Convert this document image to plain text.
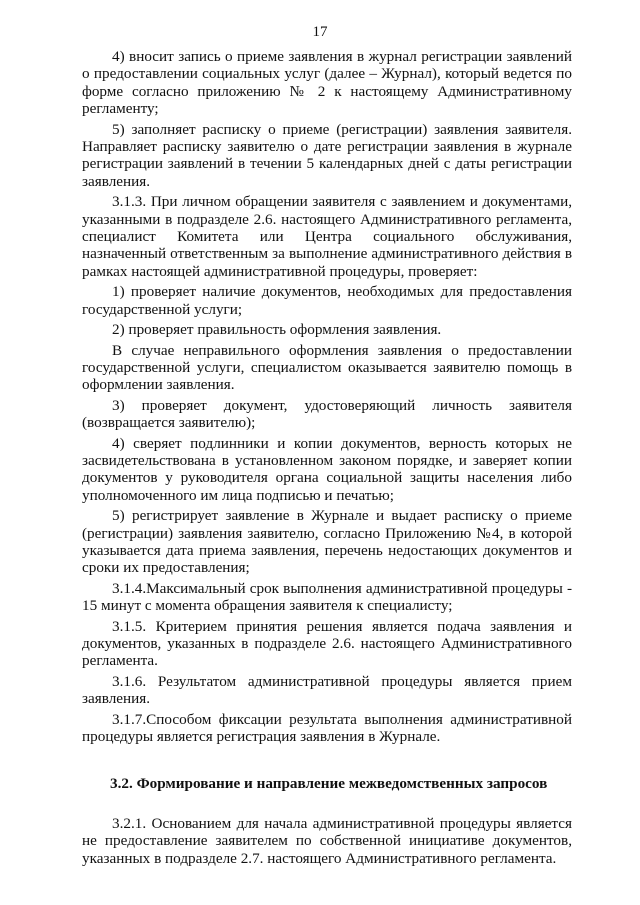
17

4) вносит запись о приеме заявления в журнал регистрации заявлений о предоставлении социальных услуг (далее – Журнал), который ведется по форме согласно приложению № 2 к настоящему Административному регламенту;

5) заполняет расписку о приеме (регистрации) заявления заявителя. Направляет расписку заявителю о дате регистрации заявления в журнале регистрации заявлений в течении 5 календарных дней с даты регистрации заявления.

3.1.3. При личном обращении заявителя с заявлением и документами, указанными в подразделе 2.6. настоящего Административного регламента, специалист Комитета или Центра социального обслуживания, назначенный ответственным за выполнение административного действия в рамках настоящей административной процедуры, проверяет:

1) проверяет наличие документов, необходимых для предоставления государственной услуги;

2) проверяет правильность оформления заявления.

В случае неправильного оформления заявления о предоставлении государственной услуги, специалистом оказывается заявителю помощь в оформлении заявления.

3) проверяет документ, удостоверяющий личность заявителя (возвращается заявителю);

4) сверяет подлинники и копии документов, верность которых не засвидетельствована в установленном законом порядке, и заверяет копии документов у руководителя органа социальной защиты населения либо уполномоченного им лица подписью и печатью;

5) регистрирует заявление в Журнале и выдает расписку о приеме (регистрации) заявления заявителю, согласно Приложению №4, в которой указывается дата приема заявления, перечень недостающих документов и сроки их предоставления;

3.1.4.Максимальный срок выполнения административной процедуры - 15 минут с момента обращения заявителя к специалисту;

3.1.5. Критерием принятия решения является подача заявления и документов, указанных в подразделе 2.6. настоящего Административного регламента.

3.1.6. Результатом административной процедуры является прием заявления.

3.1.7.Способом фиксации результата выполнения административной процедуры является регистрация заявления в Журнале.

3.2. Формирование и направление межведомственных запросов

3.2.1. Основанием для начала административной процедуры является не предоставление заявителем по собственной инициативе документов, указанных в подразделе 2.7. настоящего Административного регламента.
